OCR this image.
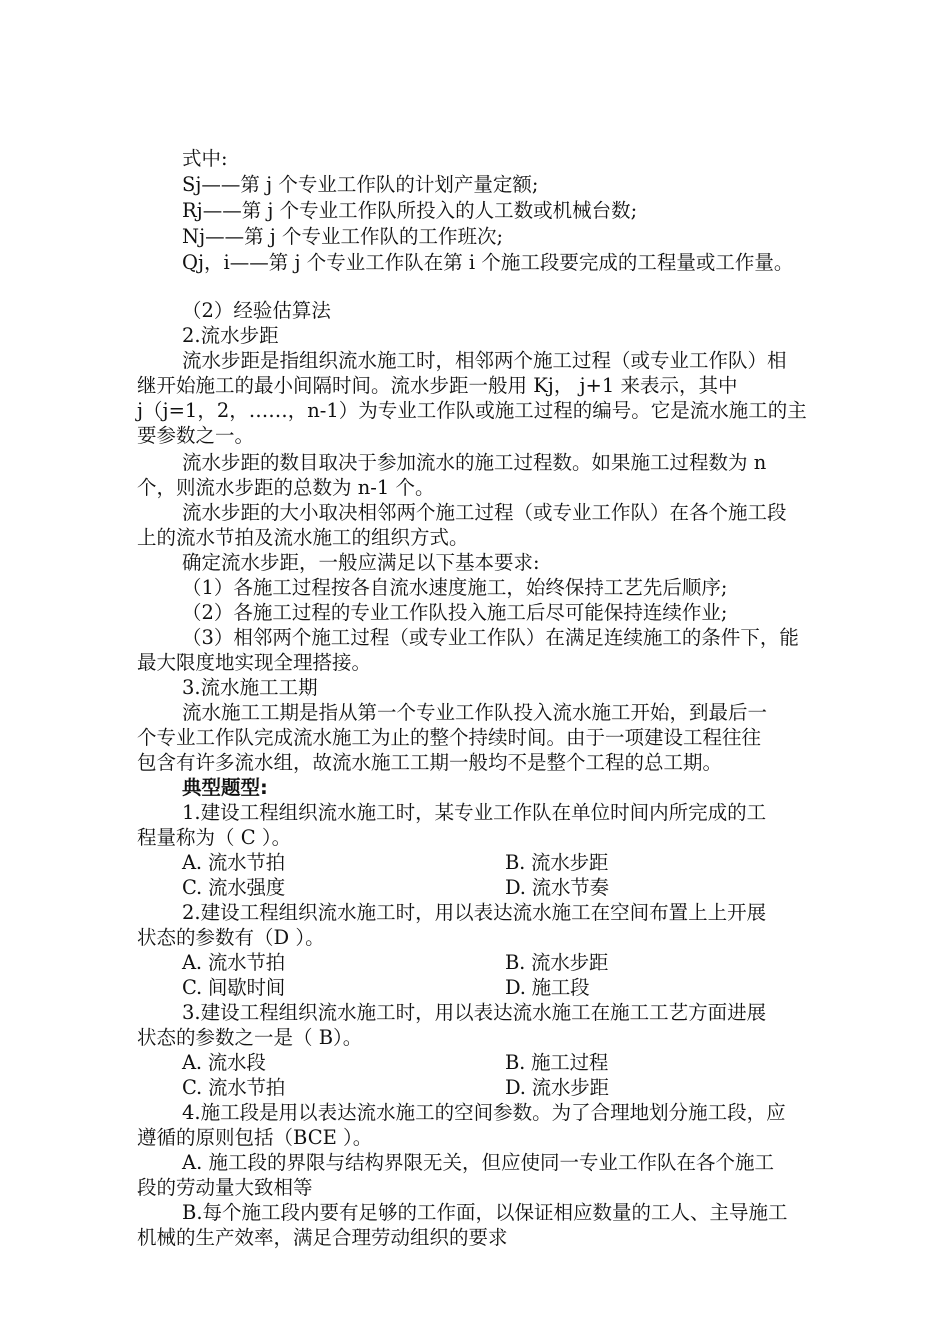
式中:
Sj——第 j 个专业工作队的计划产量定额;
Rj——第 j 个专业工作队所投入的人工数或机械台数;
Nj——第 j 个专业工作队的工作班次;
Qj，i——第 j 个专业工作队在第 i 个施工段要完成的工程量或工作量。
（2）经验估算法
2.流水步距
流水步距是指组织流水施工时，相邻两个施工过程（或专业工作队）相
继开始施工的最小间隔时间。流水步距一般用 Kj， j+1 来表示，其中
j（j=1，2，……，n-1）为专业工作队或施工过程的编号。它是流水施工的主
要参数之一。
流水步距的数目取决于参加流水的施工过程数。如果施工过程数为 n
个，则流水步距的总数为 n-1 个。
流水步距的大小取决相邻两个施工过程（或专业工作队）在各个施工段
上的流水节拍及流水施工的组织方式。
确定流水步距，一般应满足以下基本要求:
（1）各施工过程按各自流水速度施工，始终保持工艺先后顺序;
（2）各施工过程的专业工作队投入施工后尽可能保持连续作业;
（3）相邻两个施工过程（或专业工作队）在满足连续施工的条件下，能
最大限度地实现全理搭接。
3.流水施工工期
流水施工工期是指从第一个专业工作队投入流水施工开始，到最后一
个专业工作队完成流水施工为止的整个持续时间。由于一项建设工程往往
包含有许多流水组，故流水施工工期一般均不是整个工程的总工期。
典型题型:
1.建设工程组织流水施工时，某专业工作队在单位时间内所完成的工
程量称为（ C ）。
A. 流水节拍	B. 流水步距
C. 流水强度	D. 流水节奏
2.建设工程组织流水施工时，用以表达流水施工在空间布置上上开展
状态的参数有（D ）。
A. 流水节拍	B. 流水步距
C. 间歇时间	D. 施工段
3.建设工程组织流水施工时，用以表达流水施工在施工工艺方面进展
状态的参数之一是（ B）。
A. 流水段	B. 施工过程
C. 流水节拍	D. 流水步距
4.施工段是用以表达流水施工的空间参数。为了合理地划分施工段，应
遵循的原则包括（BCE ）。
A. 施工段的界限与结构界限无关，但应使同一专业工作队在各个施工
段的劳动量大致相等
B.每个施工段内要有足够的工作面，以保证相应数量的工人、主导施工
机械的生产效率，满足合理劳动组织的要求
